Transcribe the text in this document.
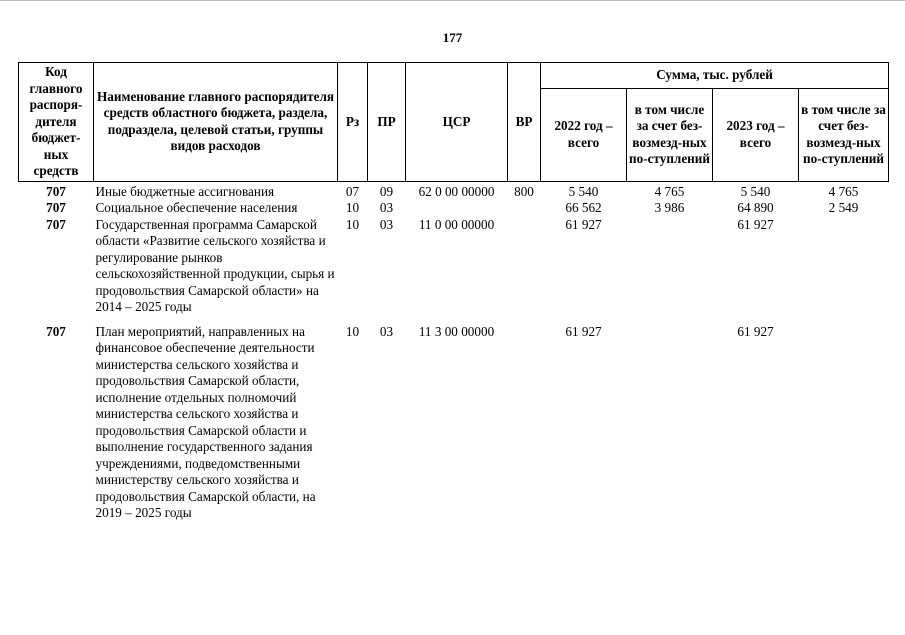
177
Код главного распоря-дителя бюджет-ных средств	Наименование главного распорядителя средств областного бюджета, раздела, подраздела, целевой статьи, группы видов расходов	Рз	ПР	ЦСР	ВР	Сумма, тыс. рублей			
						2022 год – всего	в том числе за счет без-возмезд-ных по-ступлений	2023 год – всего	в том числе за счет без-возмезд-ных по-ступлений
707	Иные бюджетные ассигнования	07	09	62 0 00 00000	800	5 540	4 765	5 540	4 765
707	Социальное обеспечение населения	10	03			66 562	3 986	64 890	2 549
707	Государственная программа Самарской области «Развитие сельского хозяйства и регулирование рынков сельскохозяйственной продукции, сырья и продовольствия Самарской области» на 2014 – 2025 годы	10	03	11 0 00 00000		61 927		61 927	

707	План мероприятий, направленных на финансовое обеспечение деятельности министерства сельского хозяйства и продовольствия Самарской области, исполнение отдельных полномочий министерства сельского хозяйства и продовольствия Самарской области и выполнение государственного задания учреждениями, подведомственными министерству сельского хозяйства и продовольствия Самарской области, на 2019 – 2025 годы	10	03	11 3 00 00000		61 927		61 927	
